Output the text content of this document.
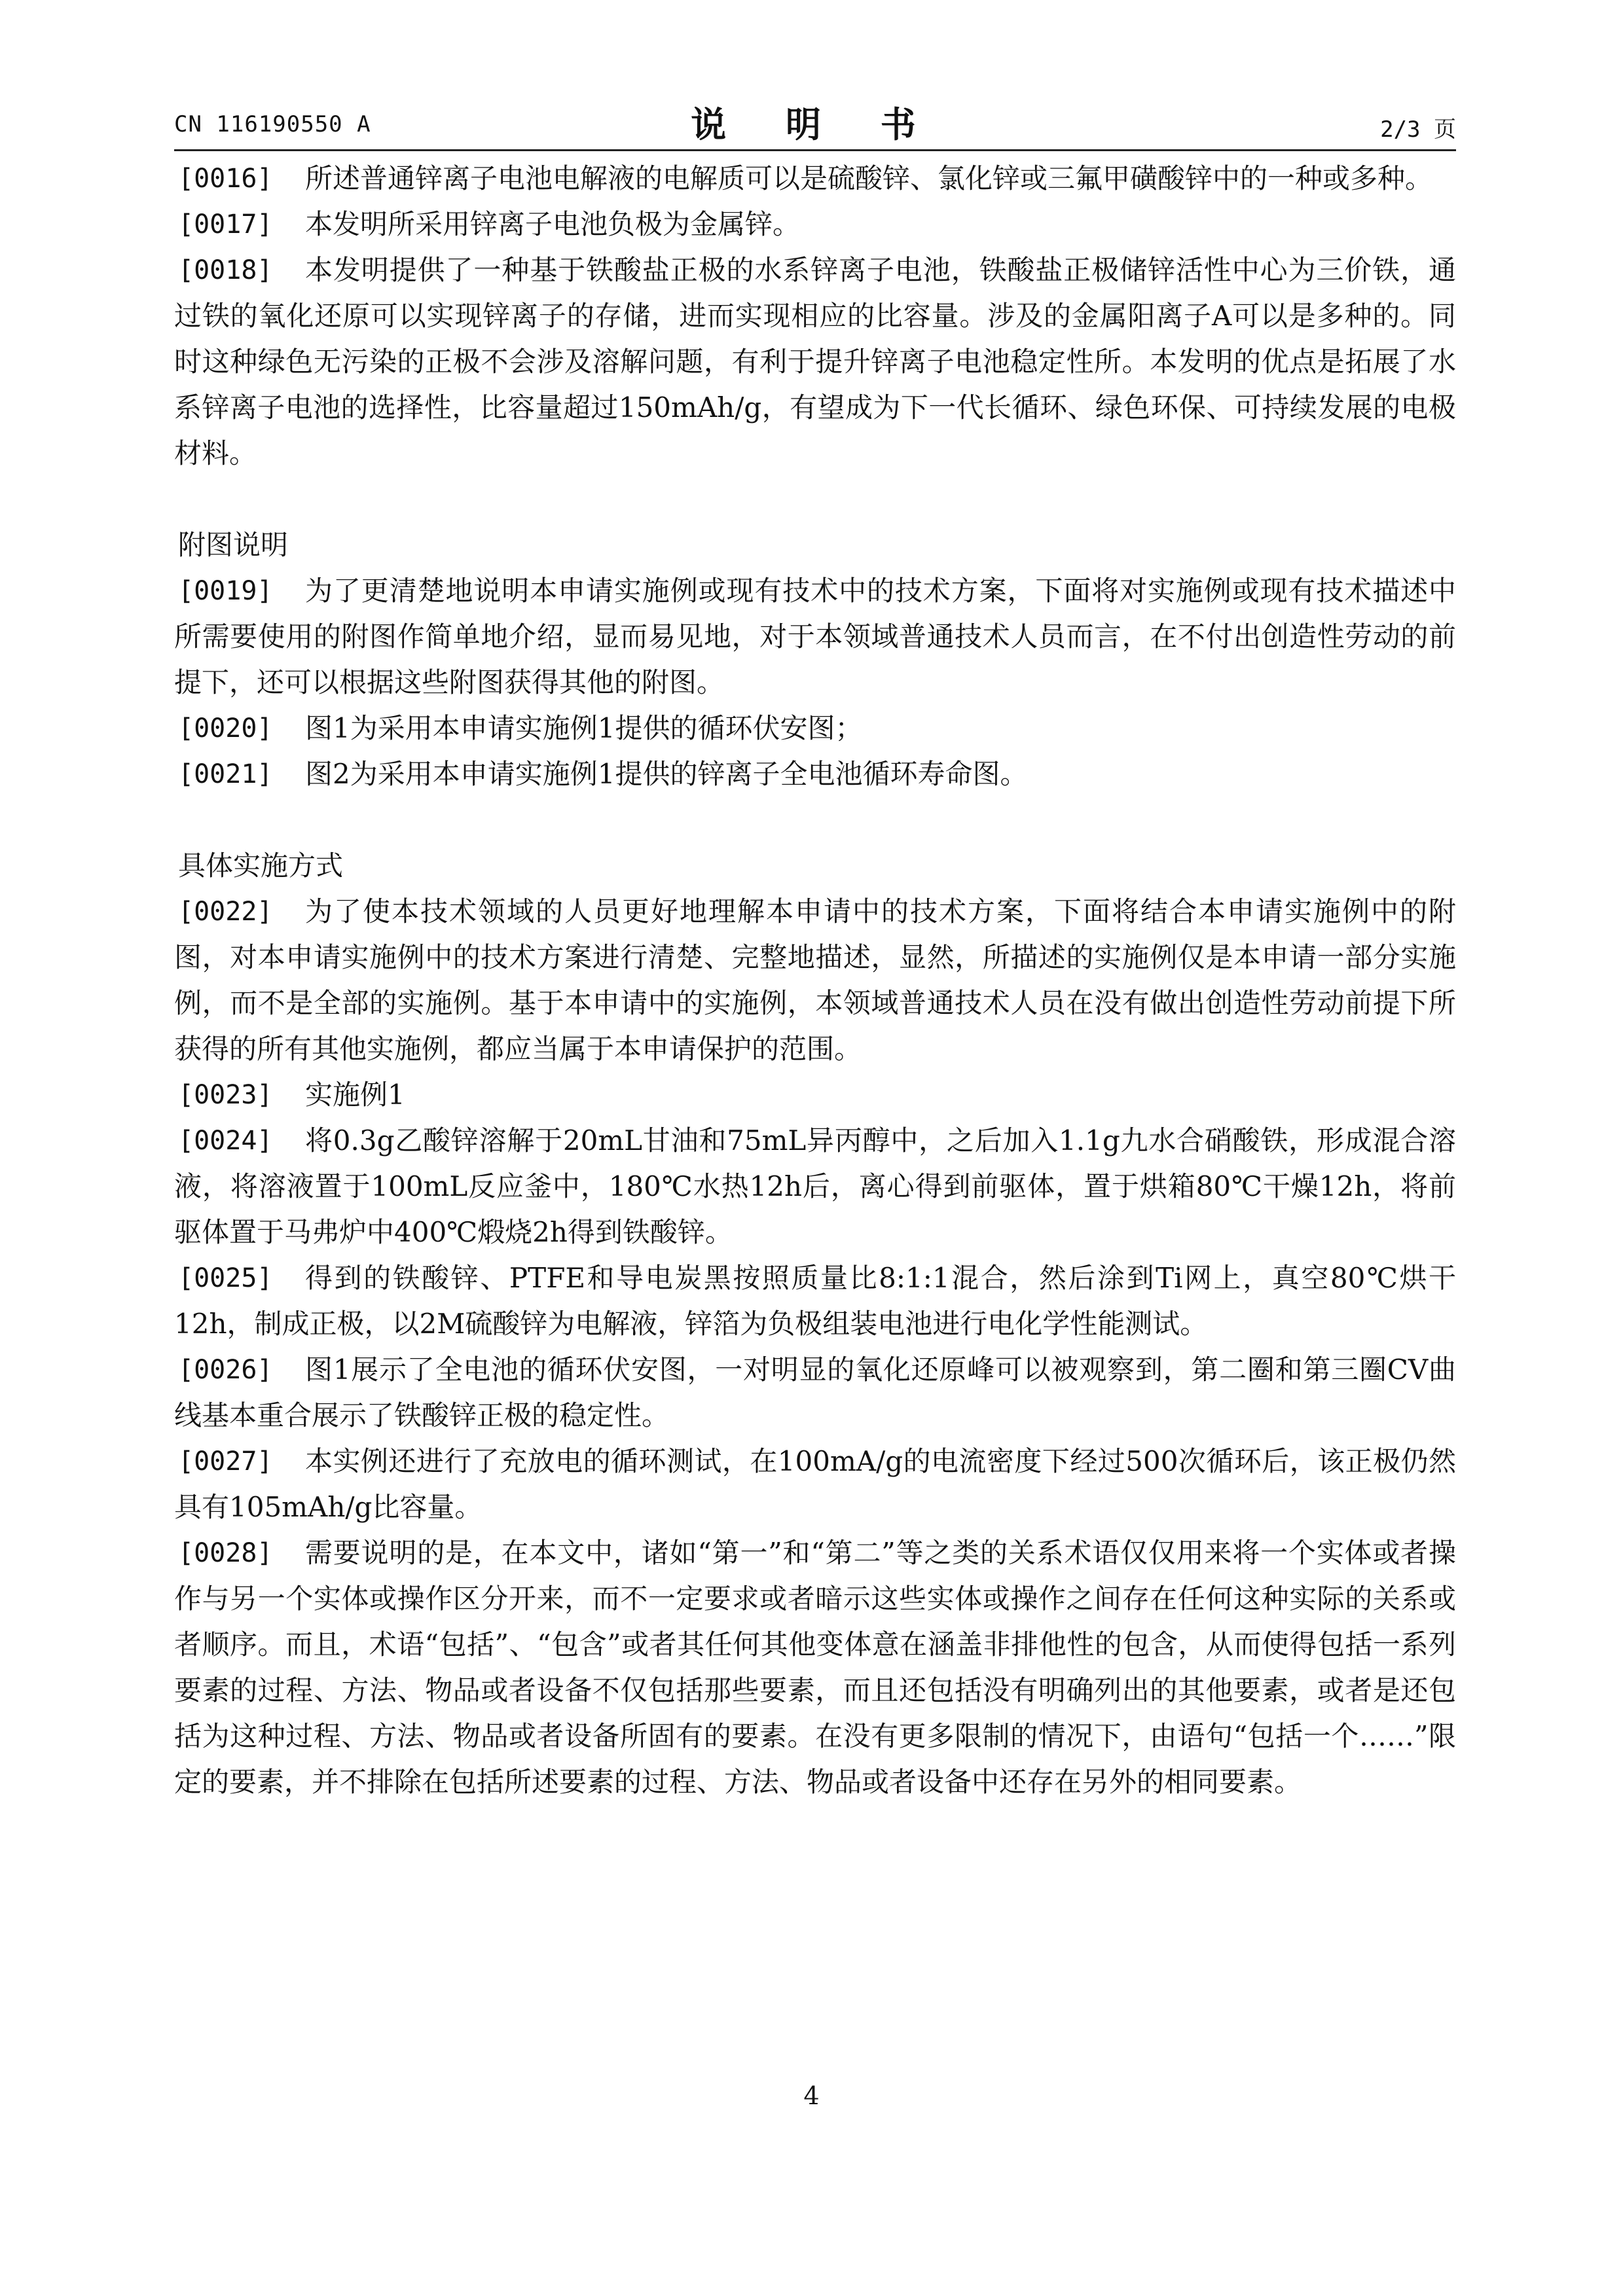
CN 116190550 A	说 明 书	2/3 页
[0016]	所述普通锌离子电池电解液的电解质可以是硫酸锌、氯化锌或三氟甲磺酸锌中的一种或多种。
[0017]	本发明所采用锌离子电池负极为金属锌。
[0018]	本发明提供了一种基于铁酸盐正极的水系锌离子电池，铁酸盐正极储锌活性中心为三价铁，通过铁的氧化还原可以实现锌离子的存储，进而实现相应的比容量。涉及的金属阳离子A可以是多种的。同时这种绿色无污染的正极不会涉及溶解问题，有利于提升锌离子电池稳定性所。本发明的优点是拓展了水系锌离子电池的选择性，比容量超过150mAh/g，有望成为下一代长循环、绿色环保、可持续发展的电极材料。
附图说明
[0019]	为了更清楚地说明本申请实施例或现有技术中的技术方案，下面将对实施例或现有技术描述中所需要使用的附图作简单地介绍，显而易见地，对于本领域普通技术人员而言，在不付出创造性劳动的前提下，还可以根据这些附图获得其他的附图。
[0020]	图1为采用本申请实施例1提供的循环伏安图；
[0021]	图2为采用本申请实施例1提供的锌离子全电池循环寿命图。
具体实施方式
[0022]	为了使本技术领域的人员更好地理解本申请中的技术方案，下面将结合本申请实施例中的附图，对本申请实施例中的技术方案进行清楚、完整地描述，显然，所描述的实施例仅是本申请一部分实施例，而不是全部的实施例。基于本申请中的实施例，本领域普通技术人员在没有做出创造性劳动前提下所获得的所有其他实施例，都应当属于本申请保护的范围。
[0023]	实施例1
[0024]	将0.3g乙酸锌溶解于20mL甘油和75mL异丙醇中，之后加入1.1g九水合硝酸铁，形成混合溶液，将溶液置于100mL反应釜中，180℃水热12h后，离心得到前驱体，置于烘箱80℃干燥12h，将前驱体置于马弗炉中400℃煅烧2h得到铁酸锌。
[0025]	得到的铁酸锌、PTFE和导电炭黑按照质量比8:1:1混合，然后涂到Ti网上，真空80℃烘干12h，制成正极，以2M硫酸锌为电解液，锌箔为负极组装电池进行电化学性能测试。
[0026]	图1展示了全电池的循环伏安图，一对明显的氧化还原峰可以被观察到，第二圈和第三圈CV曲线基本重合展示了铁酸锌正极的稳定性。
[0027]	本实例还进行了充放电的循环测试，在100mA/g的电流密度下经过500次循环后，该正极仍然具有105mAh/g比容量。
[0028]	需要说明的是，在本文中，诸如“第一”和“第二”等之类的关系术语仅仅用来将一个实体或者操作与另一个实体或操作区分开来，而不一定要求或者暗示这些实体或操作之间存在任何这种实际的关系或者顺序。而且，术语“包括”、“包含”或者其任何其他变体意在涵盖非排他性的包含，从而使得包括一系列要素的过程、方法、物品或者设备不仅包括那些要素，而且还包括没有明确列出的其他要素，或者是还包括为这种过程、方法、物品或者设备所固有的要素。在没有更多限制的情况下，由语句“包括一个……”限定的要素，并不排除在包括所述要素的过程、方法、物品或者设备中还存在另外的相同要素。
4
